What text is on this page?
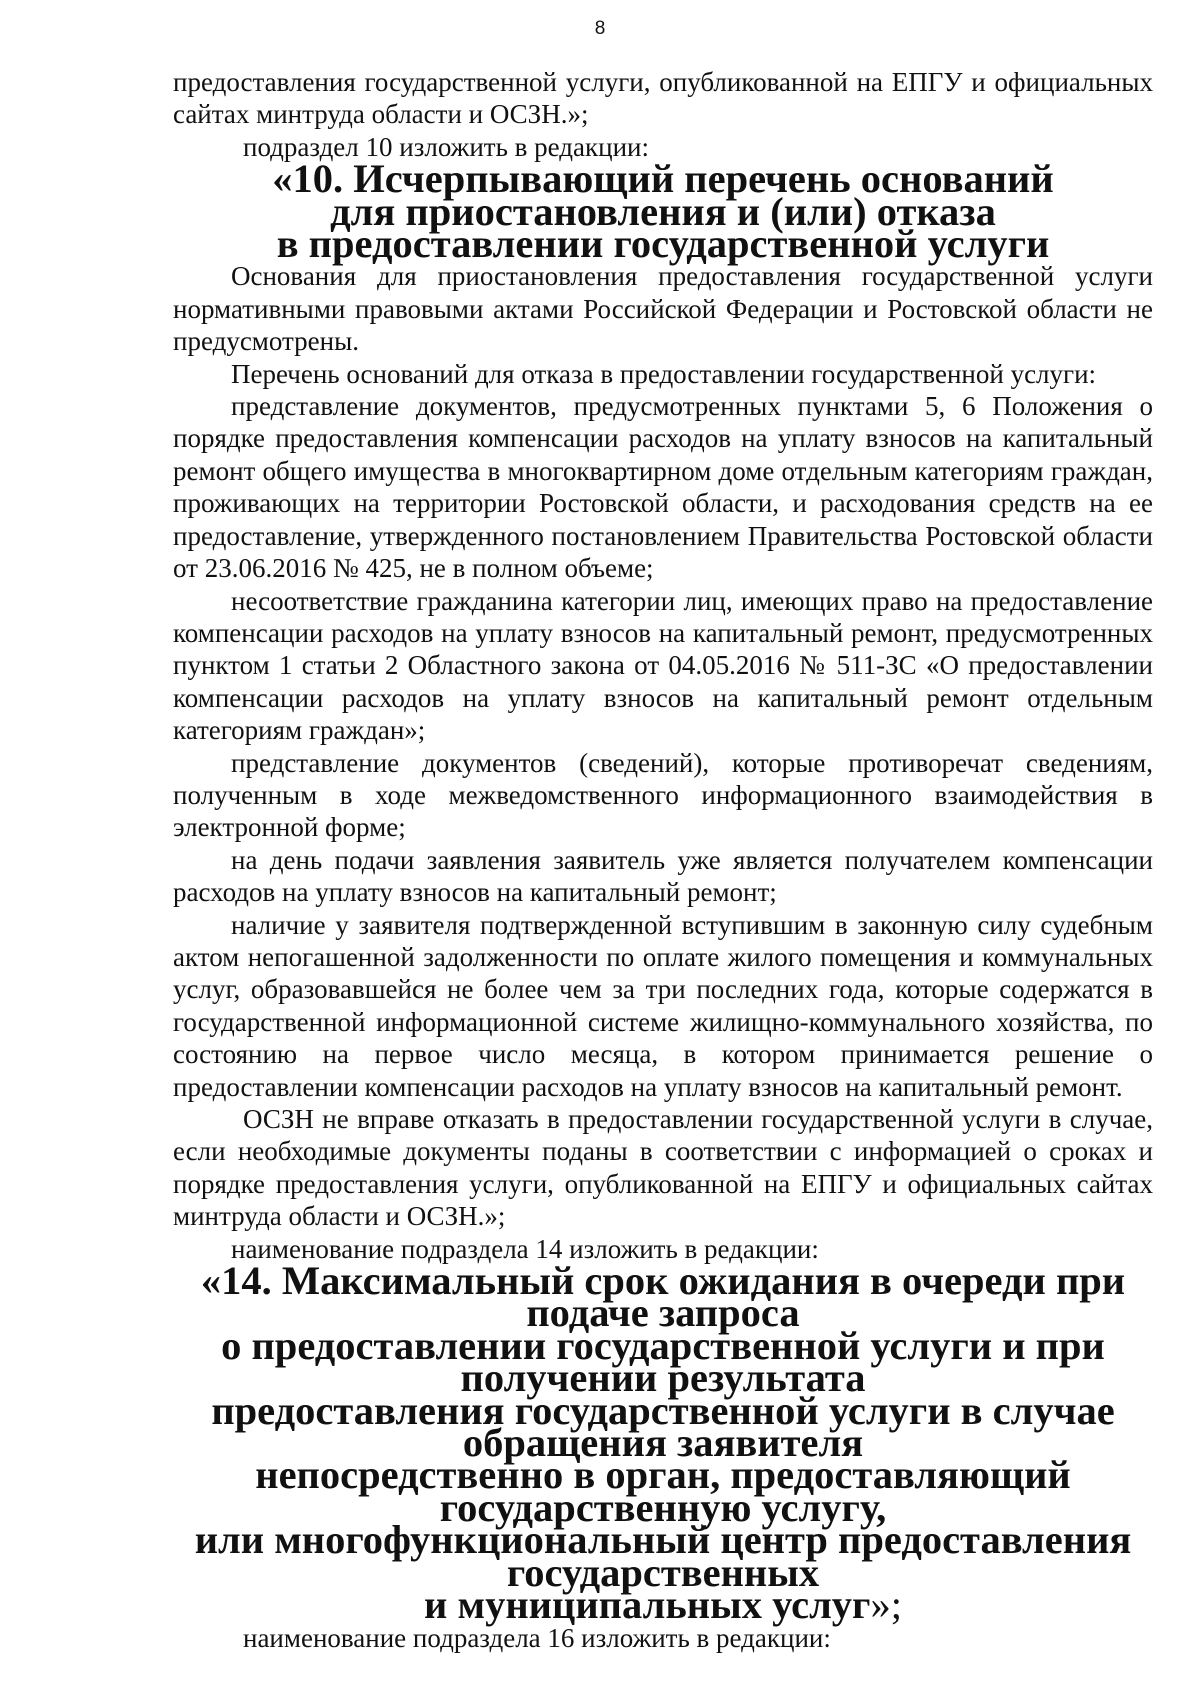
8

предоставления государственной услуги, опубликованной на ЕПГУ и официальных сайтах минтруда области и ОСЗН.»;

подраздел 10 изложить в редакции:

«10. Исчерпывающий перечень оснований
для приостановления и (или) отказа
в предоставлении государственной услуги

Основания для приостановления предоставления государственной услуги нормативными правовыми актами Российской Федерации и Ростовской области не предусмотрены.

Перечень оснований для отказа в предоставлении государственной услуги:

представление документов, предусмотренных пунктами 5, 6 Положения о порядке предоставления компенсации расходов на уплату взносов на капитальный ремонт общего имущества в многоквартирном доме отдельным категориям граждан, проживающих на территории Ростовской области, и расходования средств на ее предоставление, утвержденного постановлением Правительства Ростовской области от 23.06.2016 № 425, не в полном объеме;

несоответствие гражданина категории лиц, имеющих право на предоставление компенсации расходов на уплату взносов на капитальный ремонт, предусмотренных пунктом 1 статьи 2 Областного закона от 04.05.2016 № 511-ЗС «О предоставлении компенсации расходов на уплату взносов на капитальный ремонт отдельным категориям граждан»;

представление документов (сведений), которые противоречат сведениям, полученным в ходе межведомственного информационного взаимодействия в электронной форме;

на день подачи заявления заявитель уже является получателем компенсации расходов на уплату взносов на капитальный ремонт;

наличие у заявителя подтвержденной вступившим в законную силу судебным актом непогашенной задолженности по оплате жилого помещения и коммунальных услуг, образовавшейся не более чем за три последних года, которые содержатся в государственной информационной системе жилищно-коммунального хозяйства, по состоянию на первое число месяца, в котором принимается решение о предоставлении компенсации расходов на уплату взносов на капитальный ремонт.

ОСЗН не вправе отказать в предоставлении государственной услуги в случае, если необходимые документы поданы в соответствии с информацией о сроках и порядке предоставления услуги, опубликованной на ЕПГУ и официальных сайтах минтруда области и ОСЗН.»;

наименование подраздела 14 изложить в редакции:

«14. Максимальный срок ожидания в очереди при подаче запроса
о предоставлении государственной услуги и при получении результата
предоставления государственной услуги в случае обращения заявителя
непосредственно в орган, предоставляющий государственную услугу,
или многофункциональный центр предоставления государственных
и муниципальных услуг»;

наименование подраздела 16 изложить в редакции:
